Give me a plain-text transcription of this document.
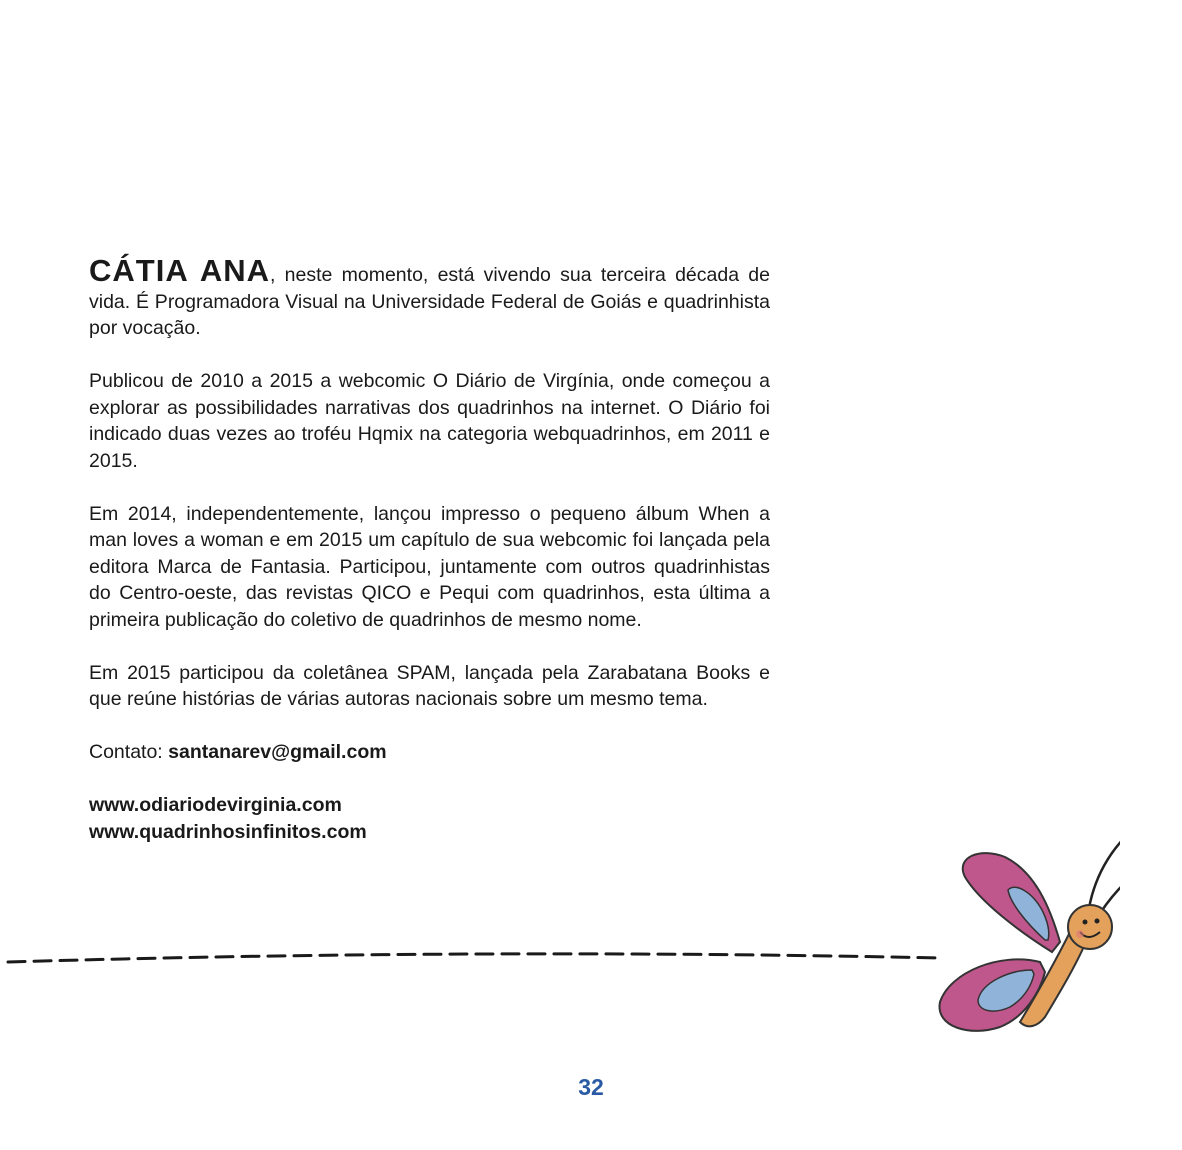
CÁTIA ANA, neste momento, está vivendo sua terceira década de vida. É Programadora Visual na Universidade Federal de Goiás e quadrinhista por vocação.

Publicou de 2010 a 2015 a webcomic O Diário de Virgínia, onde começou a explorar as possibilidades narrativas dos quadrinhos na internet. O Diário foi indicado duas vezes ao troféu Hqmix na categoria webquadrinhos, em 2011 e 2015.

Em 2014, independentemente, lançou impresso o pequeno álbum When a man loves a woman e em 2015 um capítulo de sua webcomic foi lançada pela editora Marca de Fantasia. Participou, juntamente com outros quadrinhistas do Centro-oeste, das revistas QICO e Pequi com quadrinhos, esta última a primeira publicação do coletivo de quadrinhos de mesmo nome.

Em 2015 participou da coletânea SPAM, lançada pela Zarabatana Books e que reúne histórias de várias autoras nacionais sobre um mesmo tema.

Contato: santanarev@gmail.com

www.odiariodevirginia.com
www.quadrinhosinfinitos.com
32
